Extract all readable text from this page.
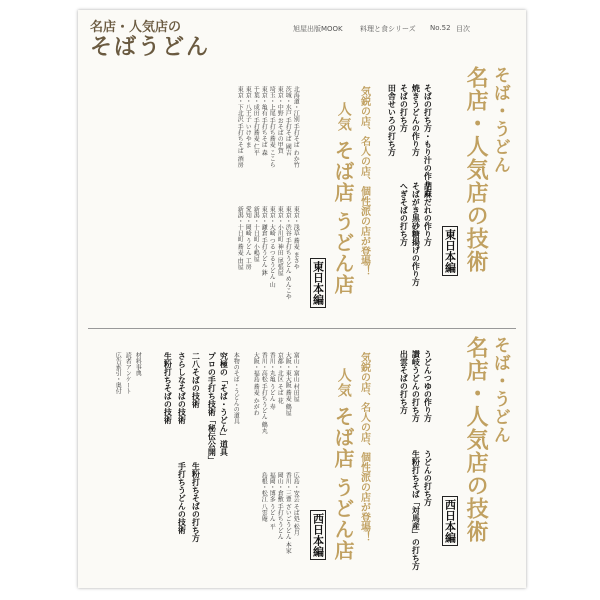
名店・人気店の
そばうどん
旭屋出版MOOK 料理と食シリーズ No.52 目次
そば・うどん
名店・人気店の技術
東日本編
そばの打ち方・もり汁の作り方
焼きうどんの作り方
そばの打ち方
田舎せいろの打ち方
胡麻だれの作り方
そばがき黒砂糖揚げの作り方
へぎそばの打ち方
気鋭の店、名人の店、個性派の店が登場！
人気
そば店 うどん店
東日本編
北海道・江別 手打そば わか竹
茨城・水戸 手打そば 國吉
東京・中野 おそばの甲賀
埼玉・上尾 手打ち蕎麦 ここら
東京・亀有 手打ちそば 森
千葉・成田 手打蕎麦 仁平
東京・八王子 いけやま
東京・下北沢 手打ちそば 酒房
東京・浅草 蕎麦 まさや
東京・渋谷 手打ちうどん めんこや
東京・小川町 神田 尾張屋
東京・大崎 つるつるうどん 山
東京・鎌倉 手打うどん 鉢
新潟・十日町 小嶋屋
愛知・岡崎 うどん 工房
新潟・十日町 蕎麦 由屋
そば・うどん
名店・人気店の技術
西日本編
うどんつゆの作り方
讃岐うどんの打ち方
出雲そばの打ち方
うどんの打ち方
生粉打ちそば「対馬産」の打ち方
気鋭の店、名人の店、個性派の店が登場！
人気
そば店 うどん店
西日本編
富山・富山 村田屋
大阪・東大阪 蕎麦 鶴屋
京都・北区 そば 花
香川・丸亀 うどん 寿
香川・高松 手打ちうどん 鶴丸
大阪・福島 蕎麦 かがわ
広島・安芸 そば処 松月
香川・三豊 ざいごうどん 本家
岡山・倉敷 手打ちうどん
福岡・博多 うどん 平
島根・松江 八雲庵
本物のそば・うどんの道具
究極の「そば・うどん」道具
プロの手打ち技術「秘伝公開」
二八そばの技術
さらしなそばの技術
生粉打ちそばの技術
生粉打ちそばの打ち方
手打ちうどんの技術
材料事典
読者アンケート
広告索引・奥付
